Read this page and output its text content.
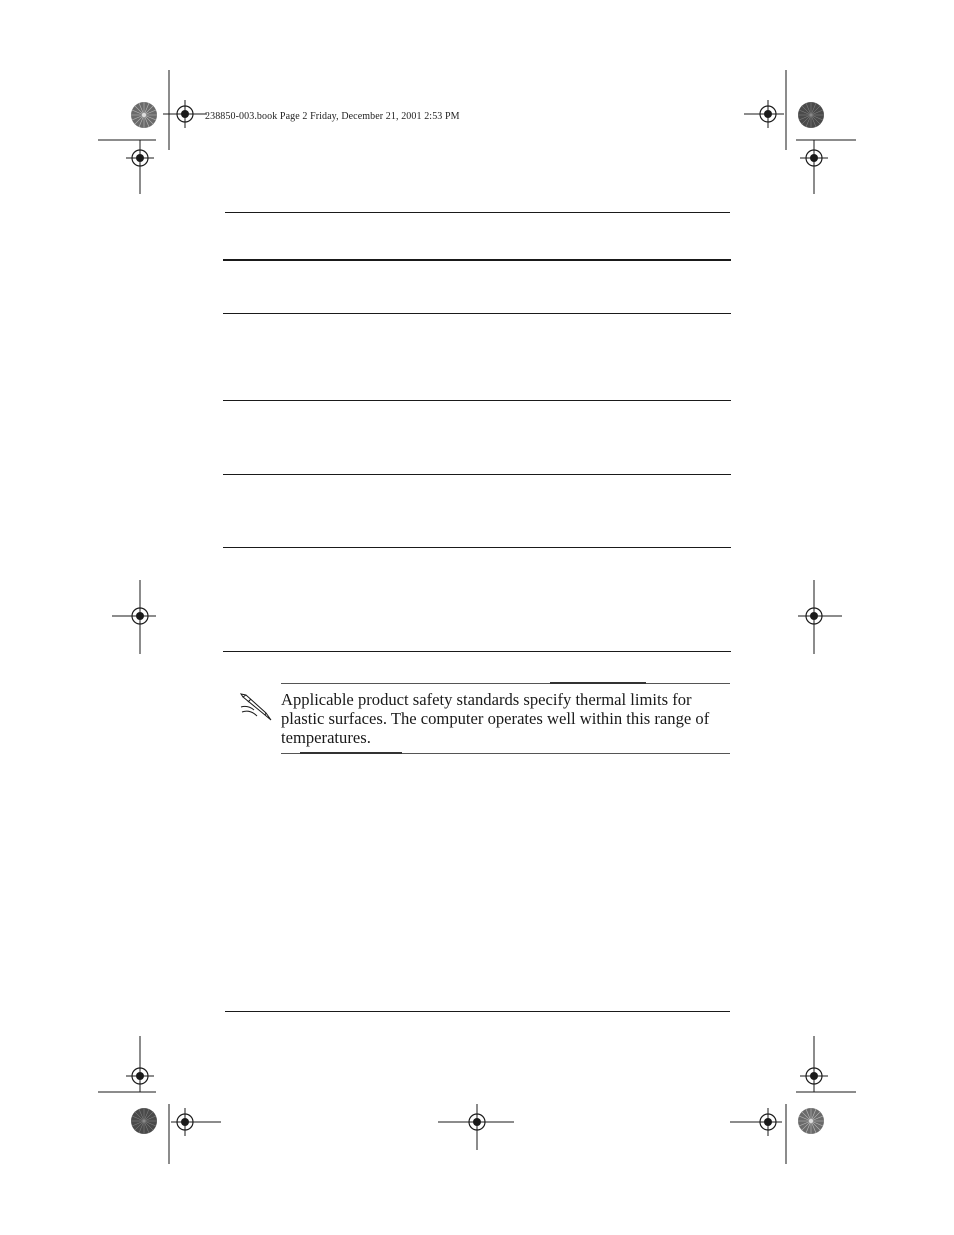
238850-003.book Page 2 Friday, December 21, 2001 2:53 PM
Applicable product safety standards specify thermal limits for plastic surfaces. The computer operates well within this range of temperatures.
